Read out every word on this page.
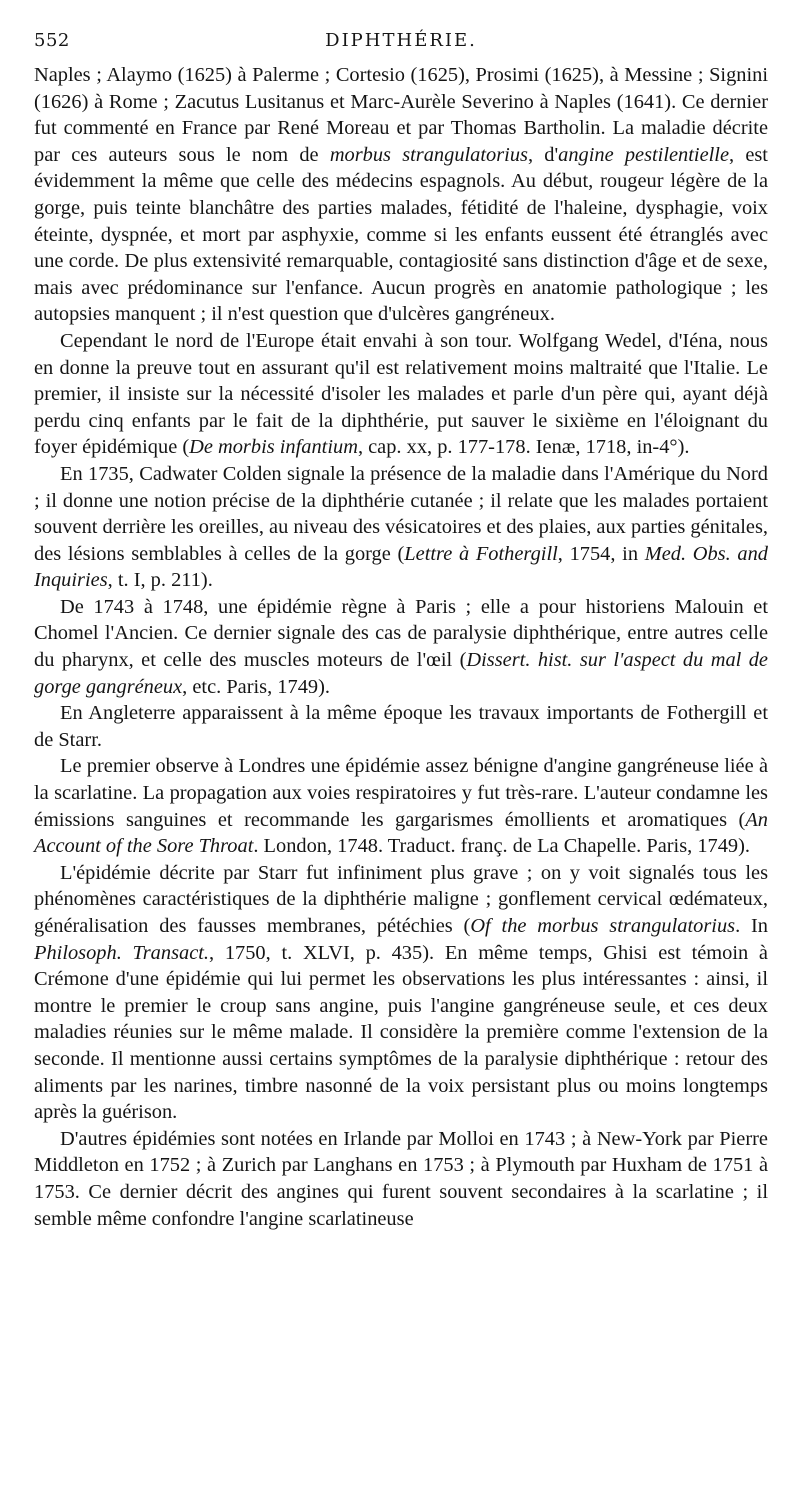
552	DIPHTHÉRIE.

Naples ; Alaymo (1625) à Palerme ; Cortesio (1625), Prosimi (1625), à Messine ; Signini (1626) à Rome ; Zacutus Lusitanus et Marc-Aurèle Severino à Naples (1641). Ce dernier fut commenté en France par René Moreau et par Thomas Bartholin. La maladie décrite par ces auteurs sous le nom de morbus strangulatorius, d'angine pestilentielle, est évidemment la même que celle des médecins espagnols. Au début, rougeur légère de la gorge, puis teinte blanchâtre des parties malades, fétidité de l'haleine, dysphagie, voix éteinte, dyspnée, et mort par asphyxie, comme si les enfants eussent été étranglés avec une corde. De plus extensivité remarquable, contagiosité sans distinction d'âge et de sexe, mais avec prédominance sur l'enfance. Aucun progrès en anatomie pathologique ; les autopsies manquent ; il n'est question que d'ulcères gangréneux.

Cependant le nord de l'Europe était envahi à son tour. Wolfgang Wedel, d'Iéna, nous en donne la preuve tout en assurant qu'il est relativement moins maltraité que l'Italie. Le premier, il insiste sur la nécessité d'isoler les malades et parle d'un père qui, ayant déjà perdu cinq enfants par le fait de la diphthérie, put sauver le sixième en l'éloignant du foyer épidémique (De morbis infantium, cap. xx, p. 177-178. Ienæ, 1718, in-4°).

En 1735, Cadwater Colden signale la présence de la maladie dans l'Amérique du Nord ; il donne une notion précise de la diphthérie cutanée ; il relate que les malades portaient souvent derrière les oreilles, au niveau des vésicatoires et des plaies, aux parties génitales, des lésions semblables à celles de la gorge (Lettre à Fothergill, 1754, in Med. Obs. and Inquiries, t. I, p. 211).

De 1743 à 1748, une épidémie règne à Paris ; elle a pour historiens Malouin et Chomel l'Ancien. Ce dernier signale des cas de paralysie diphthérique, entre autres celle du pharynx, et celle des muscles moteurs de l'œil (Dissert. hist. sur l'aspect du mal de gorge gangréneux, etc. Paris, 1749).

En Angleterre apparaissent à la même époque les travaux importants de Fothergill et de Starr.

Le premier observe à Londres une épidémie assez bénigne d'angine gangréneuse liée à la scarlatine. La propagation aux voies respiratoires y fut très-rare. L'auteur condamne les émissions sanguines et recommande les gargarismes émollients et aromatiques (An Account of the Sore Throat. London, 1748. Traduct. franç. de La Chapelle. Paris, 1749).

L'épidémie décrite par Starr fut infiniment plus grave ; on y voit signalés tous les phénomènes caractéristiques de la diphthérie maligne ; gonflement cervical œdémateux, généralisation des fausses membranes, pétéchies (Of the morbus strangulatorius. In Philosoph. Transact., 1750, t. XLVI, p. 435). En même temps, Ghisi est témoin à Crémone d'une épidémie qui lui permet les observations les plus intéressantes : ainsi, il montre le premier le croup sans angine, puis l'angine gangréneuse seule, et ces deux maladies réunies sur le même malade. Il considère la première comme l'extension de la seconde. Il mentionne aussi certains symptômes de la paralysie diphthérique : retour des aliments par les narines, timbre nasonné de la voix persistant plus ou moins longtemps après la guérison.

D'autres épidémies sont notées en Irlande par Molloi en 1743 ; à New-York par Pierre Middleton en 1752 ; à Zurich par Langhans en 1753 ; à Plymouth par Huxham de 1751 à 1753. Ce dernier décrit des angines qui furent souvent secondaires à la scarlatine ; il semble même confondre l'angine scarlatineuse
